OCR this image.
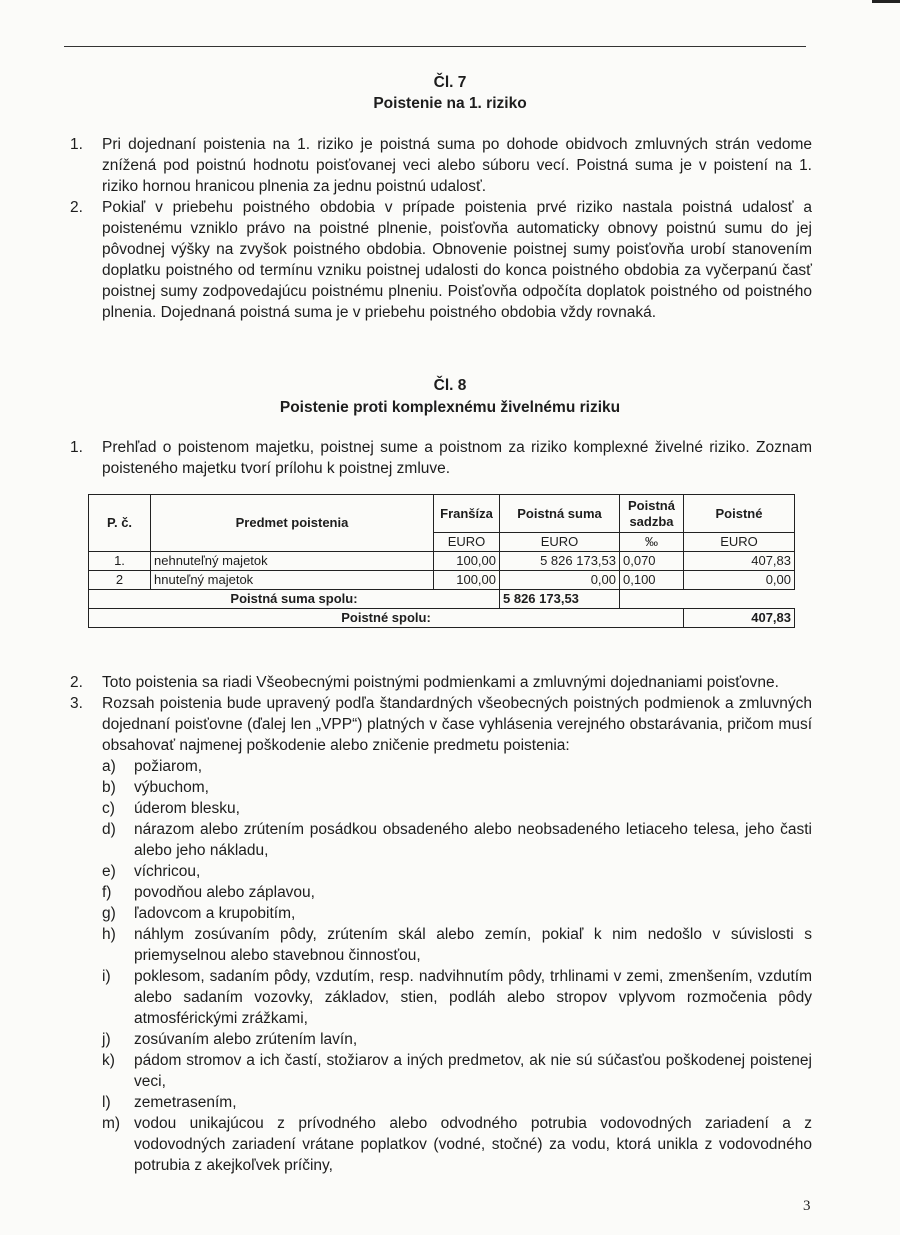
Čl. 7
Poistenie na 1. riziko
1. Pri dojednaní poistenia na 1. riziko je poistná suma po dohode obidvoch zmluvných strán vedome znížená pod poistnú hodnotu poisťovanej veci alebo súboru vecí. Poistná suma je v poistení na 1. riziko hornou hranicou plnenia za jednu poistnú udalosť.
2. Pokiaľ v priebehu poistného obdobia v prípade poistenia prvé riziko nastala poistná udalosť a poistenému vzniklo právo na poistné plnenie, poisťovňa automaticky obnovy poistnú sumu do jej pôvodnej výšky na zvyšok poistného obdobia. Obnovenie poistnej sumy poisťovňa urobí stanovením doplatku poistného od termínu vzniku poistnej udalosti do konca poistného obdobia za vyčerpanú časť poistnej sumy zodpovedajúcu poistnému plneniu. Poisťovňa odpočíta doplatok poistného od poistného plnenia. Dojednaná poistná suma je v priebehu poistného obdobia vždy rovnaká.
Čl. 8
Poistenie proti komplexnému živelnému riziku
1. Prehľad o poistenom majetku, poistnej sume a poistnom za riziko komplexné živelné riziko. Zoznam poisteného majetku tvorí prílohu k poistnej zmluve.
P. č.	Predmet poistenia	Franšíza	Poistná suma	Poistná sadzba	Poistné
		EURO	EURO	‰	EURO
1.	nehnuteľný majetok	100,00	5 826 173,53	0,070	407,83
2	hnuteľný majetok	100,00	0,00	0,100	0,00
Poistná suma spolu:			5 826 173,53		
Poistné spolu:					407,83
2. Toto poistenia sa riadi Všeobecnými poistnými podmienkami a zmluvnými dojednaniami poisťovne.
3. Rozsah poistenia bude upravený podľa štandardných všeobecných poistných podmienok a zmluvných dojednaní poisťovne (ďalej len „VPP“) platných v čase vyhlásenia verejného obstarávania, pričom musí obsahovať najmenej poškodenie alebo zničenie predmetu poistenia:
a) požiarom,
b) výbuchom,
c) úderom blesku,
d) nárazom alebo zrútením posádkou obsadeného alebo neobsadeného letiaceho telesa, jeho časti alebo jeho nákladu,
e) víchricou,
f) povodňou alebo záplavou,
g) ľadovcom a krupobitím,
h) náhlym zosúvaním pôdy, zrútením skál alebo zemín, pokiaľ k nim nedošlo v súvislosti s priemyselnou alebo stavebnou činnosťou,
i) poklesom, sadaním pôdy, vzdutím, resp. nadvihnutím pôdy, trhlinami v zemi, zmenšením, vzdutím alebo sadaním vozovky, základov, stien, podláh alebo stropov vplyvom rozmočenia pôdy atmosférickými zrážkami,
j) zosúvaním alebo zrútením lavín,
k) pádom stromov a ich častí, stožiarov a iných predmetov, ak nie sú súčasťou poškodenej poistenej veci,
l) zemetrasením,
m) vodou unikajúcou z prívodného alebo odvodného potrubia vodovodných zariadení a z vodovodných zariadení vrátane poplatkov (vodné, stočné) za vodu, ktorá unikla z vodovodného potrubia z akejkoľvek príčiny,
3
